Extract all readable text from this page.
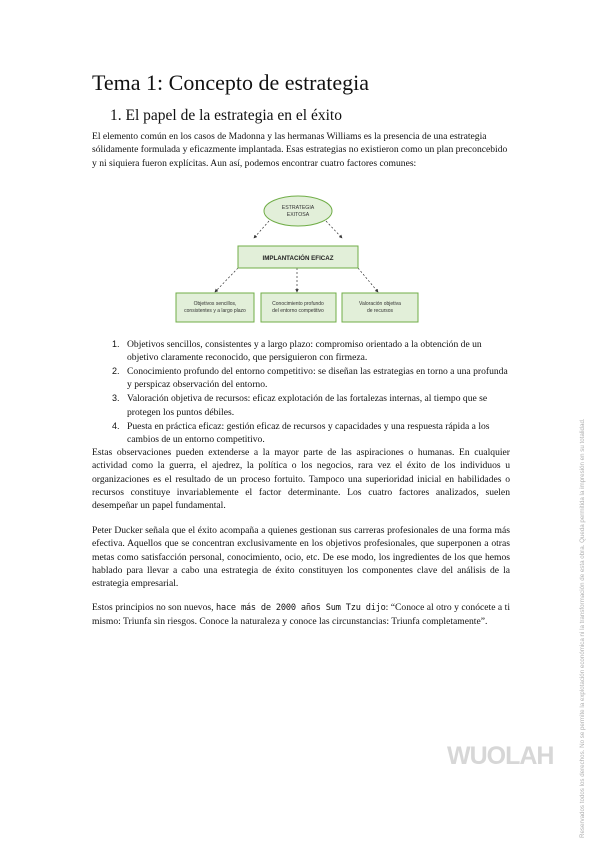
Tema 1: Concepto de estrategia
1. El papel de la estrategia en el éxito

El elemento común en los casos de Madonna y las hermanas Williams es la presencia de una estrategia sólidamente formulada y eficazmente implantada. Esas estrategias no existieron como un plan preconcebido y ni siquiera fueron explícitas. Aun así, podemos encontrar cuatro factores comunes:

ESTRATEGIA
EXITOSA
IMPLANTACIÓN EFICAZ
Objetivos sencillos,
consistentes y a largo plazo
Conocimiento profundo
del entorno competitivo
Valoración objetiva
de recursos
1. Objetivos sencillos, consistentes y a largo plazo: compromiso orientado a la obtención de un objetivo claramente reconocido, que persiguieron con firmeza.
2. Conocimiento profundo del entorno competitivo: se diseñan las estrategias en torno a una profunda y perspicaz observación del entorno.
3. Valoración objetiva de recursos: eficaz explotación de las fortalezas internas, al tiempo que se protegen los puntos débiles.
4. Puesta en práctica eficaz: gestión eficaz de recursos y capacidades y una respuesta rápida a los cambios de un entorno competitivo.

Estas observaciones pueden extenderse a la mayor parte de las aspiraciones o humanas. En cualquier actividad como la guerra, el ajedrez, la política o los negocios, rara vez el éxito de los individuos u organizaciones es el resultado de un proceso fortuito. Tampoco una superioridad inicial en habilidades o recursos constituye invariablemente el factor determinante. Los cuatro factores analizados, suelen desempeñar un papel fundamental.

Peter Ducker señala que el éxito acompaña a quienes gestionan sus carreras profesionales de una forma más efectiva. Aquellos que se concentran exclusivamente en los objetivos profesionales, que superponen a otras metas como satisfacción personal, conocimiento, ocio, etc. De ese modo, los ingredientes de los que hemos hablado para llevar a cabo una estrategia de éxito constituyen los componentes clave del análisis de la estrategia empresarial.

Estos principios no son nuevos, hace más de 2000 años Sum Tzu dijo: “Conoce al otro y conócete a ti mismo: Triunfa sin riesgos. Conoce la naturaleza y conoce las circunstancias: Triunfa completamente”.	Reservados todos los derechos. No se permite la explotación económica ni la transformación de esta obra. Queda permitida la impresión en su totalidad.
WUOLAH
